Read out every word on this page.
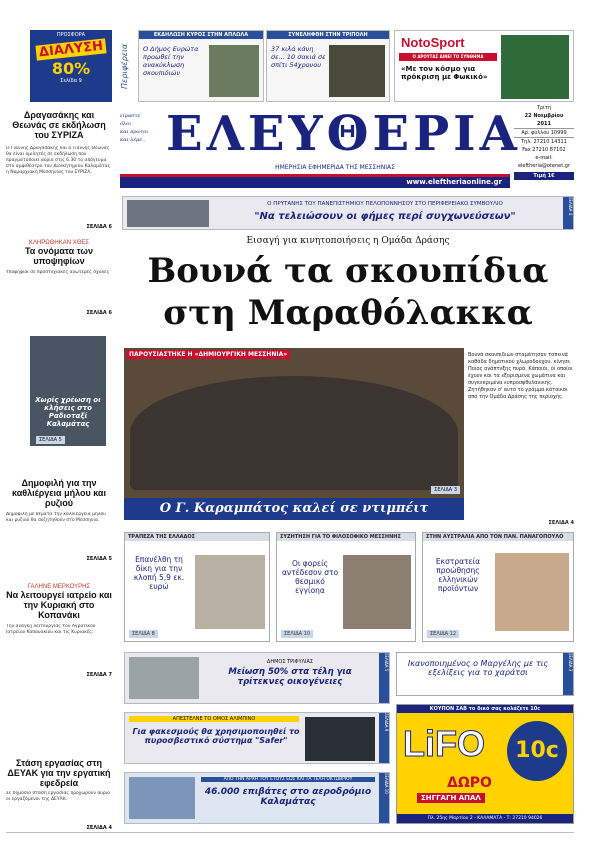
ΠΡΟΣΦΟΡΑ
ΔΙΑΛΥΣΗ
80%
Σελίδα 9	Περιφέρεια
ΕΚΔΗΛΩΣΗ ΚΥΡΟΣ ΣΤΗΝ ΑΠΛΩΛΑ
Ο Δήμος Ευρώτα προωθεί την ανακύκλωση σκουπιδιών
ΣΥΝΕΛΗΦΘΗ ΣΤΗΝ ΤΡΙΠΟΛΗ
37 κιλά κάνη σε... 10 σακιά σε σπίτι 54χρονου
NotoSport
Ο ΔΡΟΥΤΑΣ ΔΙΝΕΙ ΤΟ ΣΥΝΘΗΜΑ
«Με τον κόσμο για πρόκριση με Φωκικό»
είμαστε
όλοι
και πρώτοι
και λέμε.. ΕΛΕΥΘΕΡΙΑ
ΗΜΕΡΗΣΙΑ ΕΦΗΜΕΡΙΔΑ ΤΗΣ ΜΕΣΣΗΝΙΑΣ
www.eleftheriaonline.gr
Τρίτη
22 Νοεμβρίου
2011
Αρ. φύλλου 10999
Τηλ. 27210 14311
Fax 27210 87102
e-mail:
eleftheria@otenet.gr
Τιμή 1€
Δραγασάκης και Θεωνάς σε εκδήλωση του ΣΥΡΙΖΑ
Ο Γιάννης Δραγασάκης και ο Γιάννης Θεωνάς θα είναι ομιλητές σε εκδήλωση που πραγματοποιεί αύριο στις 6.30 το απόγευμα στο αμφιθέατρο του Διοικητηρίου Καλαμάτας η Νομαρχιακή Μεσσηνίας του ΣΥΡΙΖΑ.
ΣΕΛΙΔΑ 6
ΚΛΗΡΩΘΗΚΑΝ ΧΘΕΣ
Τα ονόματα των υποψηφίων
Υποψήφιοι σε προπτυχιακές ανώτερες σχολές
ΣΕΛΙΔΑ 6
Χωρίς χρέωση οι κλήσεις στο Ραδιοταξί Καλαμάτας
ΣΕΛΙΔΑ 5
Δημοφιλή για την καθλιέργεια μήλου και ρυζιού
Δημοφιλή με θέματα την καλλιέργεια μήλου και ρυζιού θα συζητηθούν στο Μεσσηνία.
ΣΕΛΙΔΑ 5
ΓΑΛΗΝΕ ΜΕΡΚΟΥΡΗΣ
Να λειτουργεί ιατρείο και την Κυριακή στο Κοπανάκι
Την ανάγκη λειτουργίας του Αγροτικού Ιατρείου Κοπανακίου και τις Κυριακές.
ΣΕΛΙΔΑ 7
Στάση εργασίας στη ΔΕΥΑΚ για την εργατική εφεδρεία
Σε δημόσιο στάση εργασίας προχωρούν αύριο οι εργαζόμενοι της ΔΕΥΑΚ.
ΣΕΛΙΔΑ 4
Ο ΠΡΥΤΑΝΗΣ ΤΟΥ ΠΑΝΕΠΙΣΤΗΜΙΟΥ ΠΕΛΟΠΟΝΝΗΣΟΥ ΣΤΟ ΠΕΡΙΦΕΡΕΙΑΚΟ ΣΥΜΒΟΥΛΙΟ
"Να τελειώσουν οι φήμες περί συγχωνεύσεων"
ΣΕΛΙΔΑ 4
Εισαγή για κινητοποιήσεις η Ομάδα Δράσης
Βουνά τα σκουπίδια
στη Μαραθόλακκα
ΠΑΡΟΥΣΙΑΣΤΗΚΕ Η «ΔΗΜΙΟΥΡΓΙΚΗ ΜΕΣΣΗΝΙΑ»
ΣΕΛΙΔΑ 3
Ο Γ. Καραμπάτος καλεί σε ντιμπέιτ
Βουνά σκουπιδιών σταμάτησαν ταπεινά καθάδα δημοτικού χλωροδούχου, κίνησε. Ποιος ανάπτυξης πυρά. Κάποιοι, οι οποίοι έχουν και τα εξορισμένα χωμάτινα και συγκεκριμένα ευπροσφθυλανικής. Ζητήθηκαν σ' αυτό το γράμμα κάτοικοι από την Ομάδα Δράσης της περιοχής.
ΣΕΛΙΔΑ 4
ΤΡΑΠΕΖΑ ΤΗΣ ΕΛΛΑΔΟΣ
Επανέλθη τη δίκη για την κλοπή 5,9 εκ. ευρώ
ΣΕΛΙΔΑ 8
ΣΥΖΗΤΗΣΗ ΓΙΑ ΤΟ ΦΙΛΟΣΟΦΙΚΟ ΜΕΣΣΗΝΗΣ
Οι φορείς αντέδεσον στο θεσμικό εγγίοηα
ΣΕΛΙΔΑ 10
ΣΤΗΝ ΑΥΣΤΡΑΛΙΑ ΑΠΟ ΤΟΝ ΠΑΝ. ΠΑΝΑΓΟΠΟΥΛΟ
Εκστρατεία προώθησης ελληνικών προϊόντων
ΣΕΛΙΔΑ 12
ΔΗΜΟΣ ΤΡΙΦΥΛΙΑΣ
Μείωση 50% στα τέλη για τρίτεκνες οικογένειες
ΣΕΛΙΔΑ 5	Ικανοποιημένος ο Μαργέλης με τις εξελίξεις για το χαράτσι
ΣΕΛΙΔΑ 3
ΑΠΕΣΤΕΛΝΕ ΤΟ ΟΜΟΣ ΑΛΙΜΠΙΝΟ
Για φακεσμούς θα χρησιμοποιηθεί το πυροσβεστικό σύστημα "Safer"
ΣΕΛΙΔΑ 9
ΑΠΟ ΤΗΝ ΑΡΧΗ ΤΟΥ ΕΤΟΥΣ ΕΩΣ ΚΑΙ ΤΑ ΤΕΛΗ ΟΚΤΩΒΡΙΟΥ
46.000 επιβάτες στο αεροδρόμιο Καλαμάτας
ΣΕΛΙΔΑ 10
ΚΟΥΠΟΝ ΣΑΒ το δικό σας κολάζετε 10c
LiFO	10c
ΔΩΡΟ
ΣΗΓΓΑΓΗ ΑΠΑΛ
Πλ. 25ης Μαρτίου 2 - ΚΑΛΑΜΑΤΑ - Τ: 27210 94026
